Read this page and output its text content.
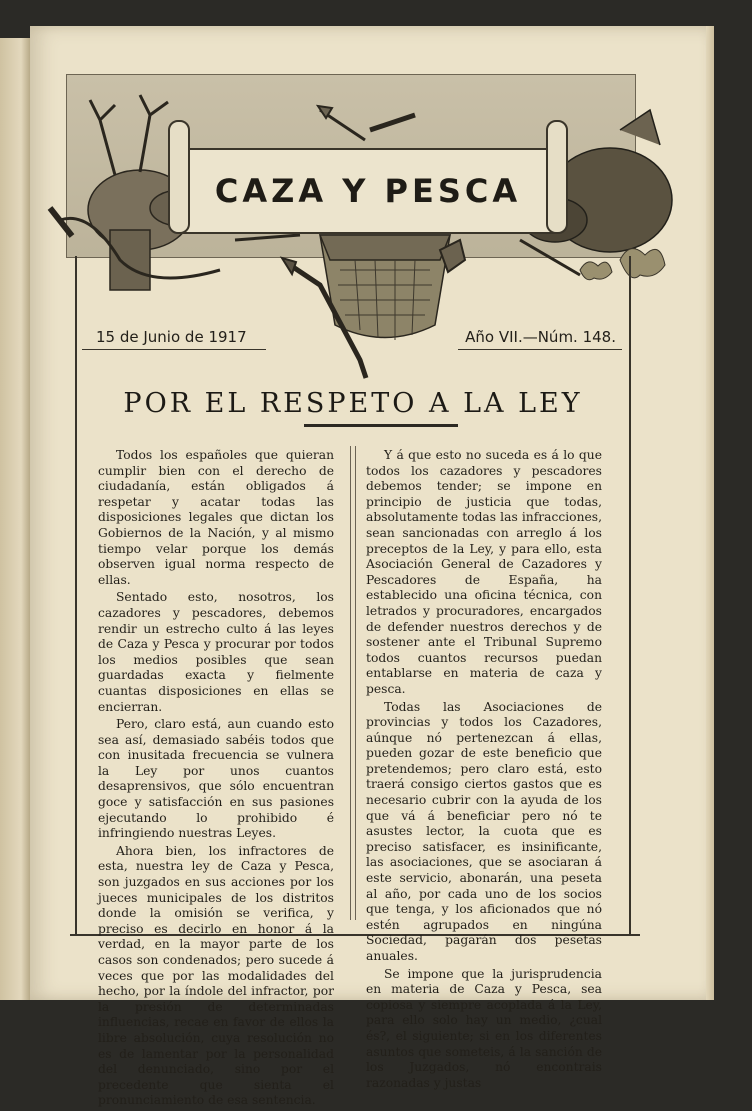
CAZA Y PESCA
15 de Junio de 1917	Año VII.—Núm. 148.
POR EL RESPETO A LA LEY

Todos los españoles que quieran cumplir bien con el derecho de ciudadanía, están obligados á respetar y acatar todas las disposiciones legales que dictan los Gobiernos de la Nación, y al mismo tiempo velar porque los demás observen igual norma respecto de ellas.

Sentado esto, nosotros, los cazadores y pescadores, debemos rendir un estrecho culto á las leyes de Caza y Pesca y procurar por todos los medios posibles que sean guardadas exacta y fielmente cuantas disposiciones en ellas se encierran.

Pero, claro está, aun cuando esto sea así, demasiado sabéis todos que con inusitada frecuencia se vulnera la Ley por unos cuantos desaprensivos, que sólo encuentran goce y satisfacción en sus pasiones ejecutando lo prohibido é infringiendo nuestras Leyes.

Ahora bien, los infractores de esta, nuestra ley de Caza y Pesca, son juzgados en sus acciones por los jueces municipales de los distritos donde la omisión se verifica, y preciso es decirlo en honor á la verdad, en la mayor parte de los casos son condenados; pero sucede á veces que por las modalidades del hecho, por la índole del infractor, por la presión de determinadas influencias, recae en favor de ellos la libre absolución, cuya resolución no es de lamentar por la personalidad del denunciado, sino por el precedente que sienta el pronunciamiento de esa sentencia.

Y á que esto no suceda es á lo que todos los cazadores y pescadores debemos tender; se impone en principio de justicia que todas, absolutamente todas las infracciones, sean sancionadas con arreglo á los preceptos de la Ley, y para ello, esta Asociación General de Cazadores y Pescadores de España, ha establecido una oficina técnica, con letrados y procuradores, encargados de defender nuestros derechos y de sostener ante el Tribunal Supremo todos cuantos recursos puedan entablarse en materia de caza y pesca.

Todas las Asociaciones de provincias y todos los Cazadores, aúnque nó pertenezcan á ellas, pueden gozar de este beneficio que pretendemos; pero claro está, esto traerá consigo ciertos gastos que es necesario cubrir con la ayuda de los que vá á beneficiar pero nó te asustes lector, la cuota que es preciso satisfacer, es insinificante, las asociaciones, que se asociaran á este servicio, abonarán, una peseta al año, por cada uno de los socios que tenga, y los aficionados que nó estén agrupados en ningúna Sociedad, pagarán dos pesetas anuales.

Se impone que la jurisprudencia en materia de Caza y Pesca, sea copiosa y siempre acoplada á la Ley, para ello solo hay un medio, ¿cual és?, el siguiente; si en los diferentes asuntos que someteis, á la sanción de los Juzgados, nó encontrais razonadas y justas
